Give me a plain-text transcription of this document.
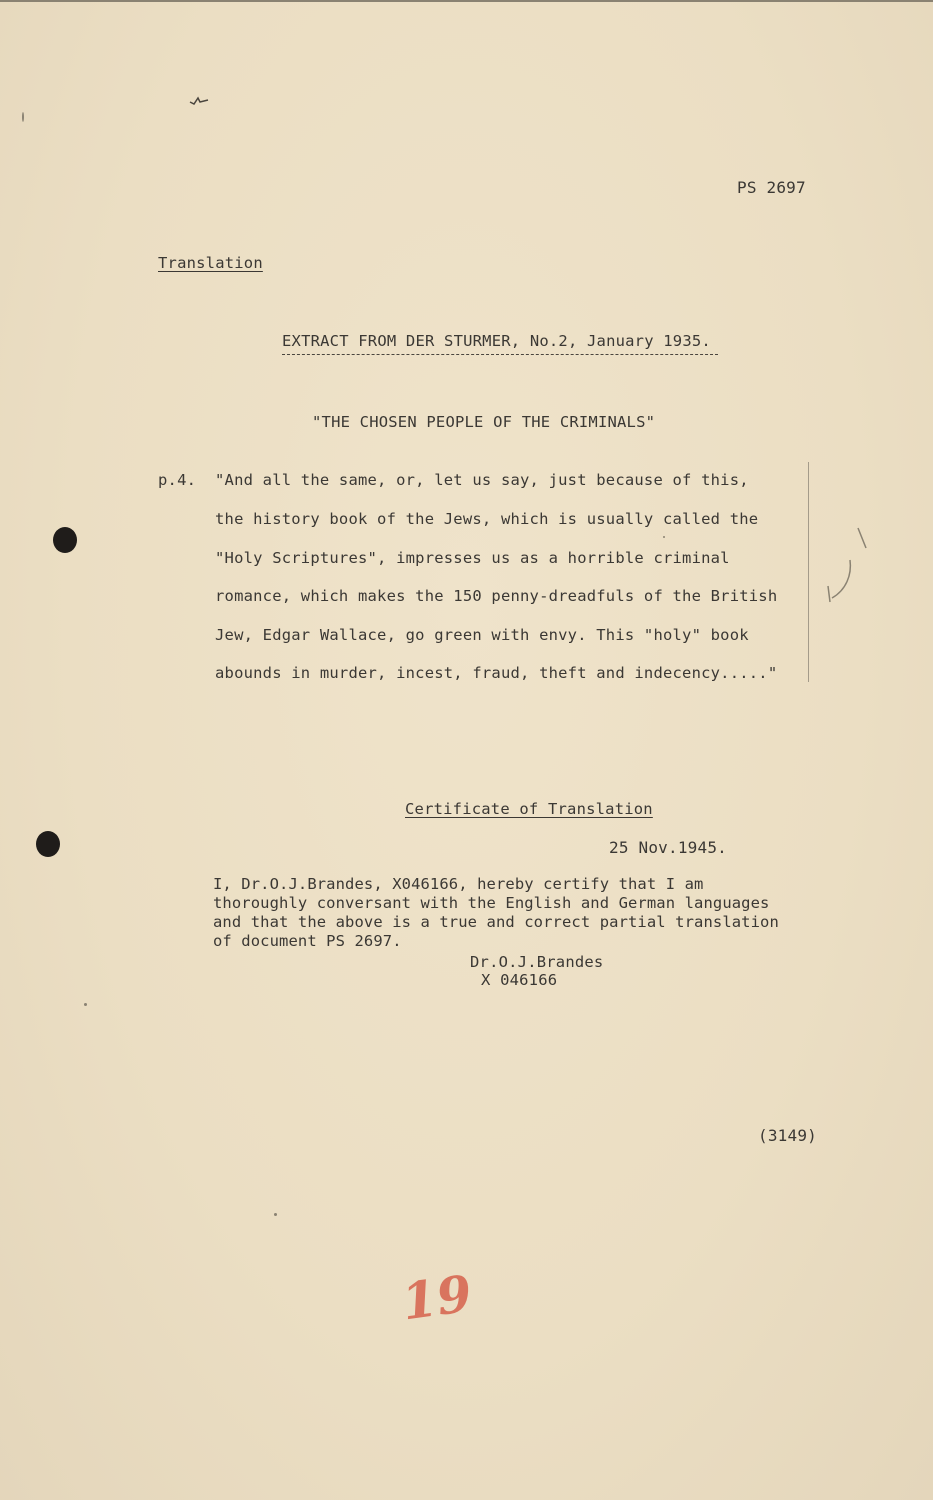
PS 2697
Translation
EXTRACT FROM DER STURMER, No.2, January 1935.
"THE CHOSEN PEOPLE OF THE CRIMINALS"
p.4. "And all the same, or, let us say, just because of this,
the history book of the Jews, which is usually called the
"Holy Scriptures", impresses us as a horrible criminal
romance, which makes the 150 penny-dreadfuls of the British
Jew, Edgar Wallace, go green with envy. This "holy" book
abounds in murder, incest, fraud, theft and indecency....."
Certificate of Translation
25 Nov.1945.
I, Dr.O.J.Brandes, X046166, hereby certify that I am
thoroughly conversant with the English and German languages
and that the above is a true and correct partial translation
of document PS 2697.
Dr.O.J.Brandes
X 046166
(3149)
19
